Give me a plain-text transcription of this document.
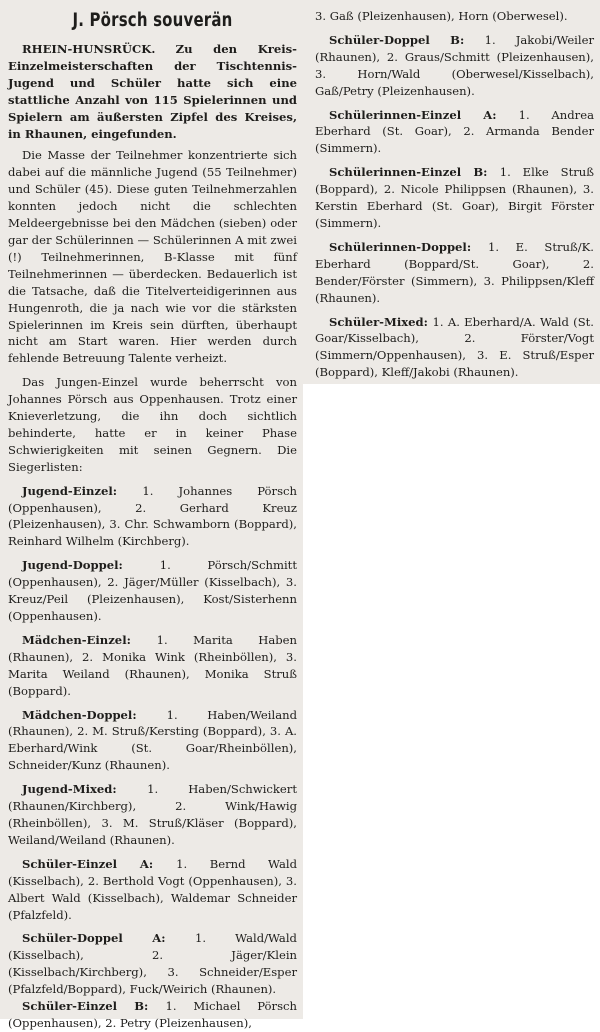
J. Pörsch souverän

RHEIN-HUNSRÜCK. Zu den Kreis-Einzelmeisterschaften der Tischtennis-Jugend und Schüler hatte sich eine stattliche Anzahl von 115 Spielerinnen und Spielern am äußersten Zipfel des Kreises, in Rhaunen, eingefunden.

Die Masse der Teilnehmer konzentrierte sich dabei auf die männliche Jugend (55 Teilnehmer) und Schüler (45). Diese guten Teilnehmerzahlen konnten jedoch nicht die schlechten Meldeergebnisse bei den Mädchen (sieben) oder gar der Schülerinnen — Schülerinnen A mit zwei (!) Teilnehmerinnen, B-Klasse mit fünf Teilnehmerinnen — überdecken. Bedauerlich ist die Tatsache, daß die Titelverteidigerinnen aus Hungenroth, die ja nach wie vor die stärksten Spielerinnen im Kreis sein dürften, überhaupt nicht am Start waren. Hier werden durch fehlende Betreuung Talente verheizt.

Das Jungen-Einzel wurde beherrscht von Johannes Pörsch aus Oppenhausen. Trotz einer Knieverletzung, die ihn doch sichtlich behinderte, hatte er in keiner Phase Schwierigkeiten mit seinen Gegnern. Die Siegerlisten:

Jugend-Einzel: 1. Johannes Pörsch (Oppenhausen), 2. Gerhard Kreuz (Pleizenhausen), 3. Chr. Schwamborn (Boppard), Reinhard Wilhelm (Kirchberg).

Jugend-Doppel:	1. Pörsch/Schmitt (Oppenhausen), 2. Jäger/Müller (Kisselbach), 3. Kreuz/Peil (Pleizenhausen), Kost/Sisterhenn (Oppenhausen).

Mädchen-Einzel: 1. Marita Haben (Rhaunen), 2. Monika Wink (Rheinböllen), 3. Marita Weiland (Rhaunen), Monika Struß (Boppard).

Mädchen-Doppel:	1. Haben/Weiland (Rhaunen), 2. M. Struß/Kersting (Boppard), 3. A. Eberhard/Wink (St. Goar/Rheinböllen), Schneider/Kunz (Rhaunen).

Jugend-Mixed:	1. Haben/Schwickert (Rhaunen/Kirchberg), 2. Wink/Hawig (Rheinböllen), 3. M. Struß/Kläser (Boppard), Weiland/Weiland (Rhaunen).

Schüler-Einzel A: 1. Bernd Wald (Kisselbach), 2. Berthold Vogt (Oppenhausen), 3. Albert Wald (Kisselbach), Waldemar Schneider (Pfalzfeld).

Schüler-Doppel A:	1. Wald/Wald (Kisselbach), 2. Jäger/Klein (Kisselbach/Kirchberg), 3. Schneider/Esper (Pfalzfeld/Boppard), Fuck/Weirich (Rhaunen).

Schüler-Einzel B: 1. Michael Pörsch (Oppenhausen), 2. Petry (Pleizenhausen),

3. Gaß (Pleizenhausen), Horn (Oberwesel).

Schüler-Doppel B: 1. Jakobi/Weiler (Rhaunen), 2. Graus/Schmitt (Pleizenhausen), 3. Horn/Wald (Oberwesel/Kisselbach), Gaß/Petry (Pleizenhausen).

Schülerinnen-Einzel A: 1. Andrea Eberhard (St. Goar), 2. Armanda Bender (Simmern).

Schülerinnen-Einzel B: 1. Elke Struß (Boppard), 2. Nicole Philippsen (Rhaunen), 3. Kerstin Eberhard (St. Goar), Birgit Förster (Simmern).

Schülerinnen-Doppel: 1. E. Struß/K. Eberhard (Boppard/St. Goar), 2. Bender/Förster (Simmern), 3. Philippsen/Kleff (Rhaunen).

Schüler-Mixed: 1. A. Eberhard/A. Wald (St. Goar/Kisselbach), 2. Förster/Vogt (Simmern/Oppenhausen), 3. E. Struß/Esper (Boppard), Kleff/Jakobi (Rhaunen).
